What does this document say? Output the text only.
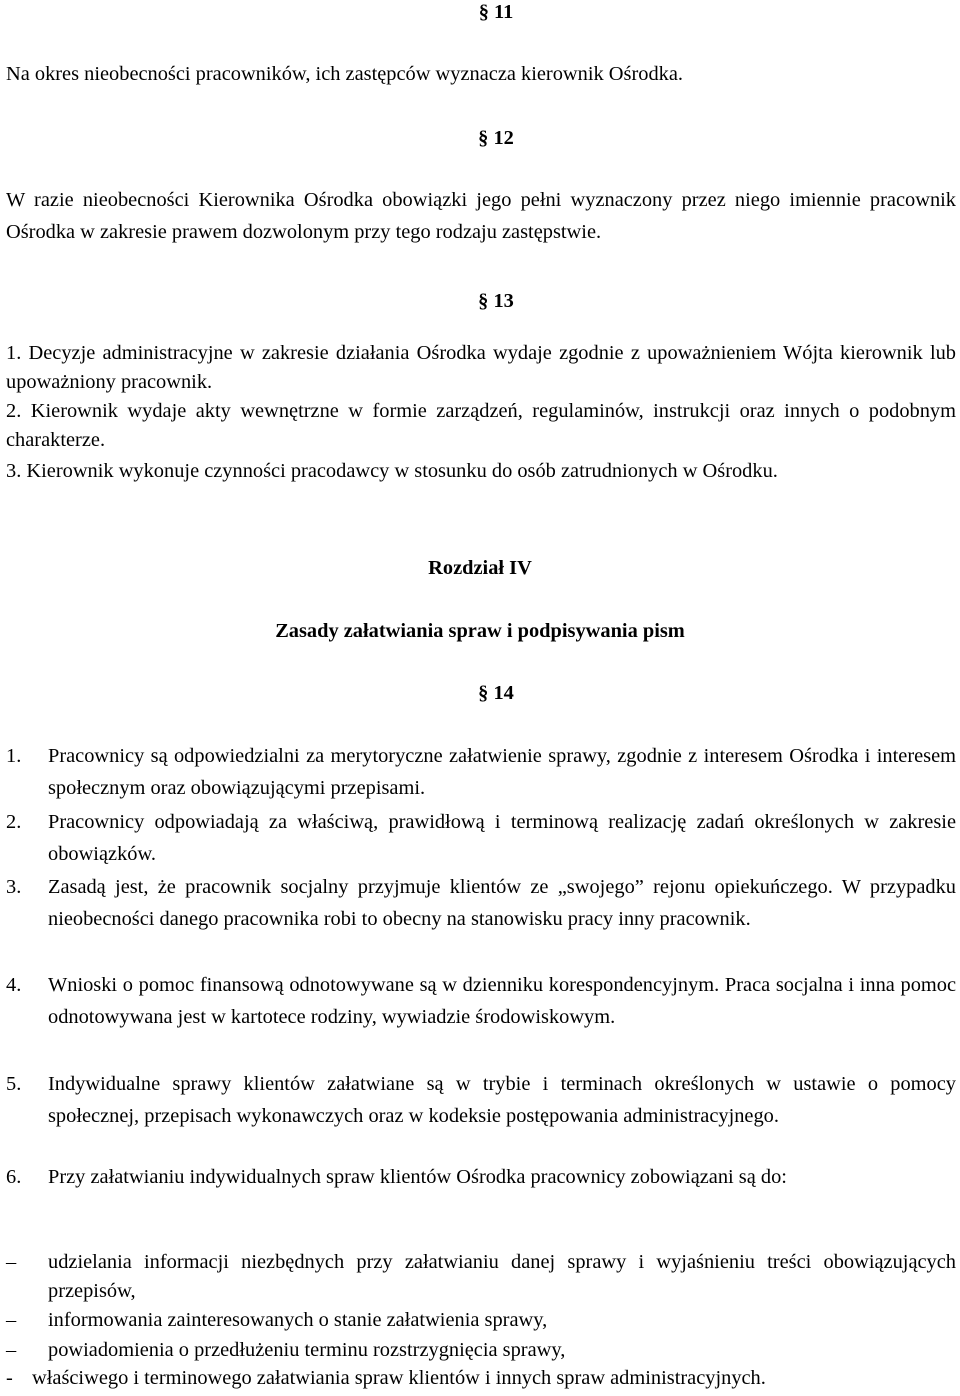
§ 11

Na okres nieobecności pracowników, ich zastępców wyznacza kierownik Ośrodka.

§ 12

W razie nieobecności Kierownika Ośrodka obowiązki jego pełni wyznaczony przez niego imiennie pracownik Ośrodka w zakresie prawem dozwolonym przy tego rodzaju zastępstwie.

§ 13

1. Decyzje administracyjne w zakresie działania Ośrodka wydaje zgodnie z upoważnieniem Wójta kierownik lub upoważniony pracownik.

2. Kierownik wydaje akty wewnętrzne w formie zarządzeń, regulaminów, instrukcji oraz innych o podobnym charakterze.

3. Kierownik wykonuje czynności pracodawcy w stosunku do osób zatrudnionych w Ośrodku.

Rozdział IV
Zasady załatwiania spraw i podpisywania pism
§ 14
1. Pracownicy są odpowiedzialni za merytoryczne załatwienie sprawy, zgodnie z interesem Ośrodka i interesem społecznym oraz obowiązującymi przepisami.
2. Pracownicy odpowiadają za właściwą, prawidłową i terminową realizację zadań określonych w zakresie obowiązków.
3. Zasadą jest, że pracownik socjalny przyjmuje klientów ze „swojego” rejonu opiekuńczego. W przypadku nieobecności danego pracownika robi to obecny na stanowisku pracy inny pracownik.
4. Wnioski o pomoc finansową odnotowywane są w dzienniku korespondencyjnym. Praca socjalna i inna pomoc odnotowywana jest w kartotece rodziny, wywiadzie środowiskowym.
5. Indywidualne sprawy klientów załatwiane są w trybie i terminach określonych w ustawie o pomocy społecznej, przepisach wykonawczych oraz w kodeksie postępowania administracyjnego.
6. Przy załatwianiu indywidualnych spraw klientów Ośrodka pracownicy zobowiązani są do:
– udzielania informacji niezbędnych przy załatwianiu danej sprawy i wyjaśnieniu treści obowiązujących przepisów,
– informowania zainteresowanych o stanie załatwienia sprawy,
– powiadomienia o przedłużeniu terminu rozstrzygnięcia sprawy,
- właściwego i terminowego załatwiania spraw klientów i innych spraw administracyjnych.
